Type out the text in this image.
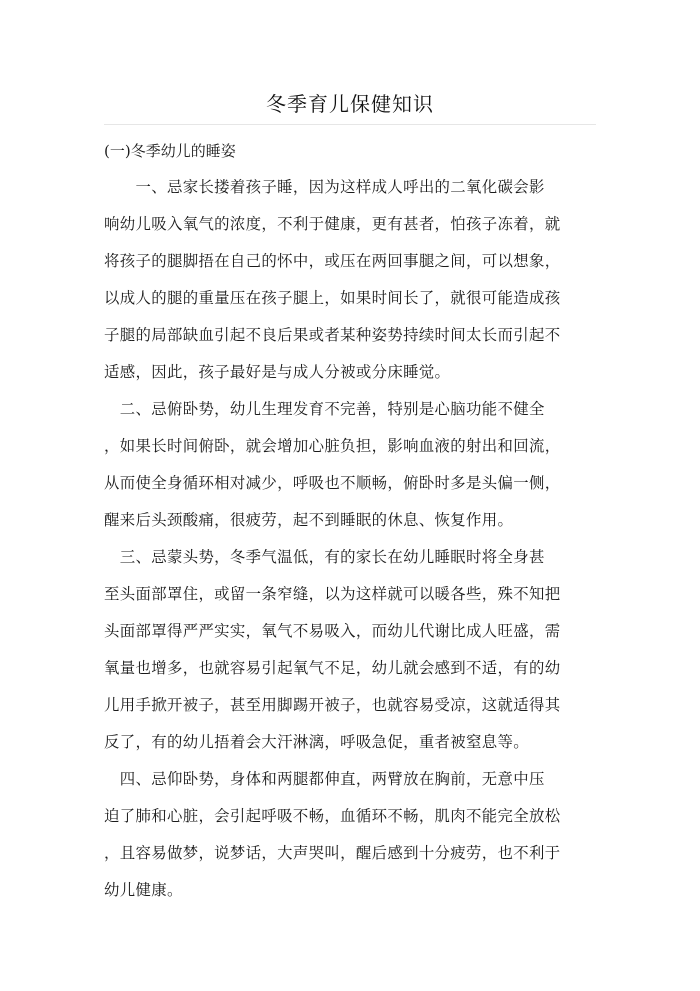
冬季育儿保健知识
(一)冬季幼儿的睡姿
　　一、忌家长搂着孩子睡，因为这样成人呼出的二氧化碳会影
响幼儿吸入氧气的浓度，不利于健康，更有甚者，怕孩子冻着，就
将孩子的腿脚捂在自己的怀中，或压在两回事腿之间，可以想象，
以成人的腿的重量压在孩子腿上，如果时间长了，就很可能造成孩
子腿的局部缺血引起不良后果或者某种姿势持续时间太长而引起不
适感，因此，孩子最好是与成人分被或分床睡觉。
　二、忌俯卧势，幼儿生理发育不完善，特别是心脑功能不健全
，如果长时间俯卧，就会增加心脏负担，影响血液的射出和回流，
从而使全身循环相对减少，呼吸也不顺畅，俯卧时多是头偏一侧，
醒来后头颈酸痛，很疲劳，起不到睡眠的休息、恢复作用。
　三、忌蒙头势，冬季气温低，有的家长在幼儿睡眠时将全身甚
至头面部罩住，或留一条窄缝，以为这样就可以暖各些，殊不知把
头面部罩得严严实实，氧气不易吸入，而幼儿代谢比成人旺盛，需
氧量也增多，也就容易引起氧气不足，幼儿就会感到不适，有的幼
儿用手掀开被子，甚至用脚踢开被子，也就容易受凉，这就适得其
反了，有的幼儿捂着会大汗淋漓，呼吸急促，重者被窒息等。
　四、忌仰卧势，身体和两腿都伸直，两臂放在胸前，无意中压
迫了肺和心脏，会引起呼吸不畅，血循环不畅，肌肉不能完全放松
，且容易做梦，说梦话，大声哭叫，醒后感到十分疲劳，也不利于
幼儿健康。
